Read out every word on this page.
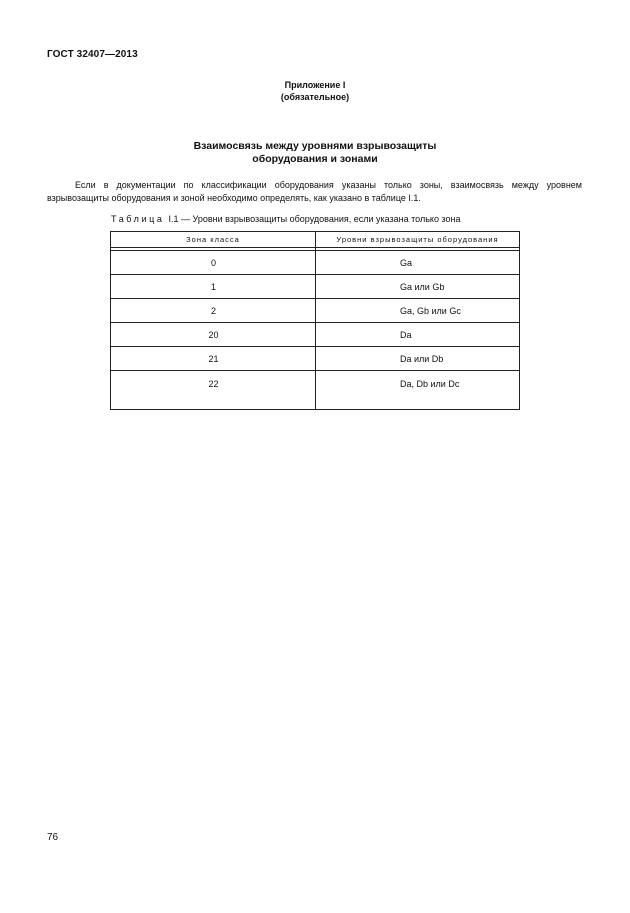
ГОСТ 32407—2013
Приложение I
(обязательное)
Взаимосвязь между уровнями взрывозащиты
оборудования и зонами
Если в документации по классификации оборудования указаны только зоны, взаимосвязь между уровнем взрывозащиты оборудования и зоной необходимо определять, как указано в таблице I.1.
Таблица I.1 — Уровни взрывозащиты оборудования, если указана только зона
Зона класса	Уровни взрывозащиты оборудования

0	Ga
1	Ga или Gb
2	Ga, Gb или Gc
20	Da
21	Da или Db
22	Da, Db или Dc
76
